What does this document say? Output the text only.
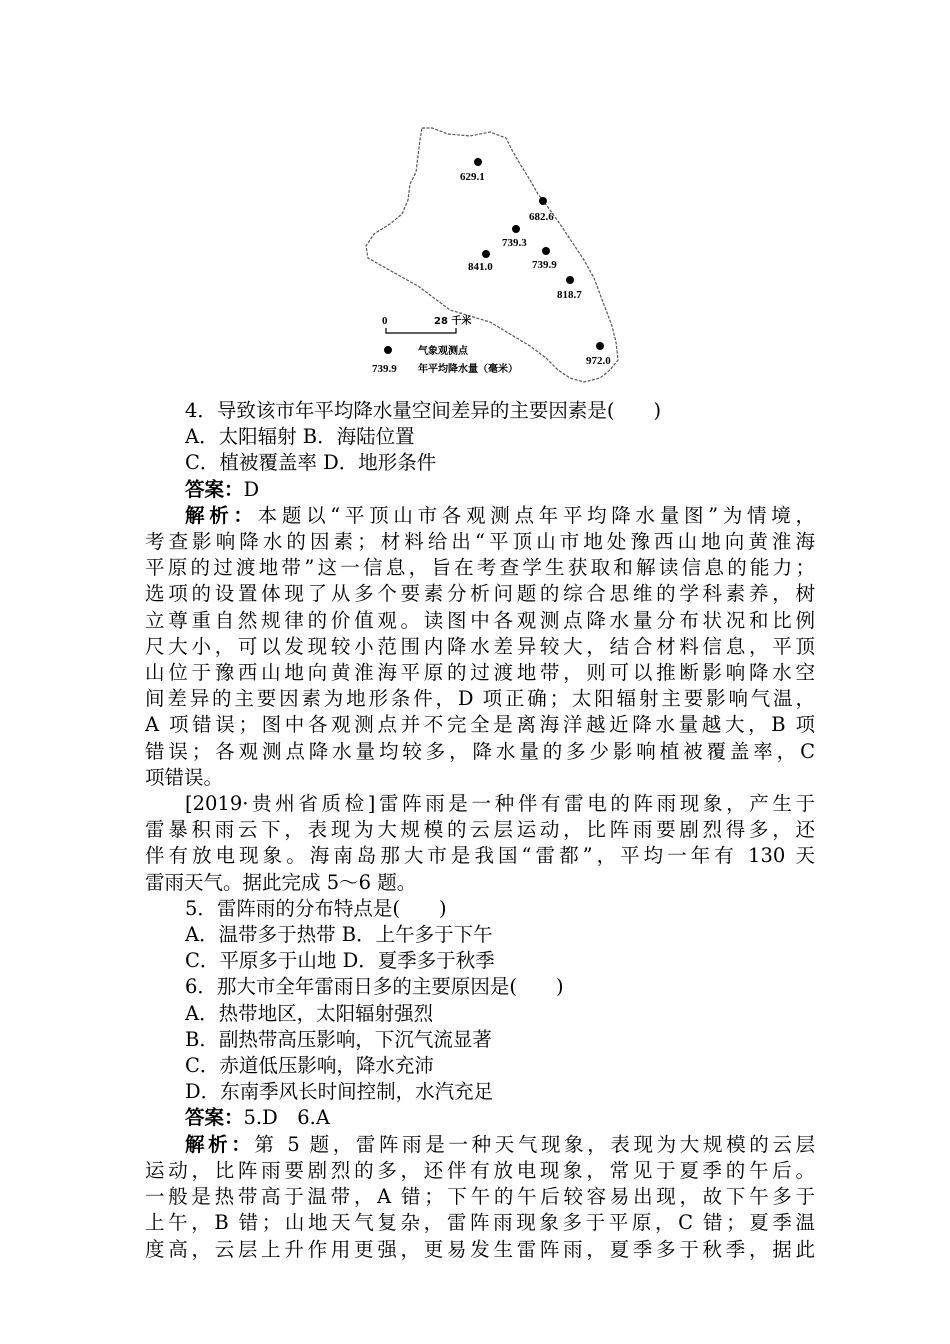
629.1
682.6
739.3
841.0	739.9
818.7
972.0
0	28 千米
气象观测点
739.9 年平均降水量（毫米）
4．导致该市年平均降水量空间差异的主要因素是(　　)
A．太阳辐射 B．海陆位置
C．植被覆盖率 D．地形条件
答案：D
解析：本题以“平顶山市各观测点年平均降水量图”为情境，
考查影响降水的因素；材料给出“平顶山市地处豫西山地向黄淮海
平原的过渡地带”这一信息，旨在考查学生获取和解读信息的能力；
选项的设置体现了从多个要素分析问题的综合思维的学科素养，树
立尊重自然规律的价值观。读图中各观测点降水量分布状况和比例
尺大小，可以发现较小范围内降水差异较大，结合材料信息，平顶
山位于豫西山地向黄淮海平原的过渡地带，则可以推断影响降水空
间差异的主要因素为地形条件，D 项正确；太阳辐射主要影响气温，
A 项错误；图中各观测点并不完全是离海洋越近降水量越大，B 项
错误；各观测点降水量均较多，降水量的多少影响植被覆盖率，C
项错误。
[2019·贵州省质检]雷阵雨是一种伴有雷电的阵雨现象，产生于
雷暴积雨云下，表现为大规模的云层运动，比阵雨要剧烈得多，还
伴有放电现象。海南岛那大市是我国“雷都”，平均一年有 130 天
雷雨天气。据此完成 5～6 题。
5．雷阵雨的分布特点是(　　)
A．温带多于热带 B．上午多于下午
C．平原多于山地 D．夏季多于秋季
6．那大市全年雷雨日多的主要原因是(　　)
A．热带地区，太阳辐射强烈
B．副热带高压影响，下沉气流显著
C．赤道低压影响，降水充沛
D．东南季风长时间控制，水汽充足
答案：5.D　6.A
解析：第 5 题，雷阵雨是一种天气现象，表现为大规模的云层
运动，比阵雨要剧烈的多，还伴有放电现象，常见于夏季的午后。
一般是热带高于温带，A 错；下午的午后较容易出现，故下午多于
上午，B 错；山地天气复杂，雷阵雨现象多于平原，C 错；夏季温
度高，云层上升作用更强，更易发生雷阵雨，夏季多于秋季，据此
